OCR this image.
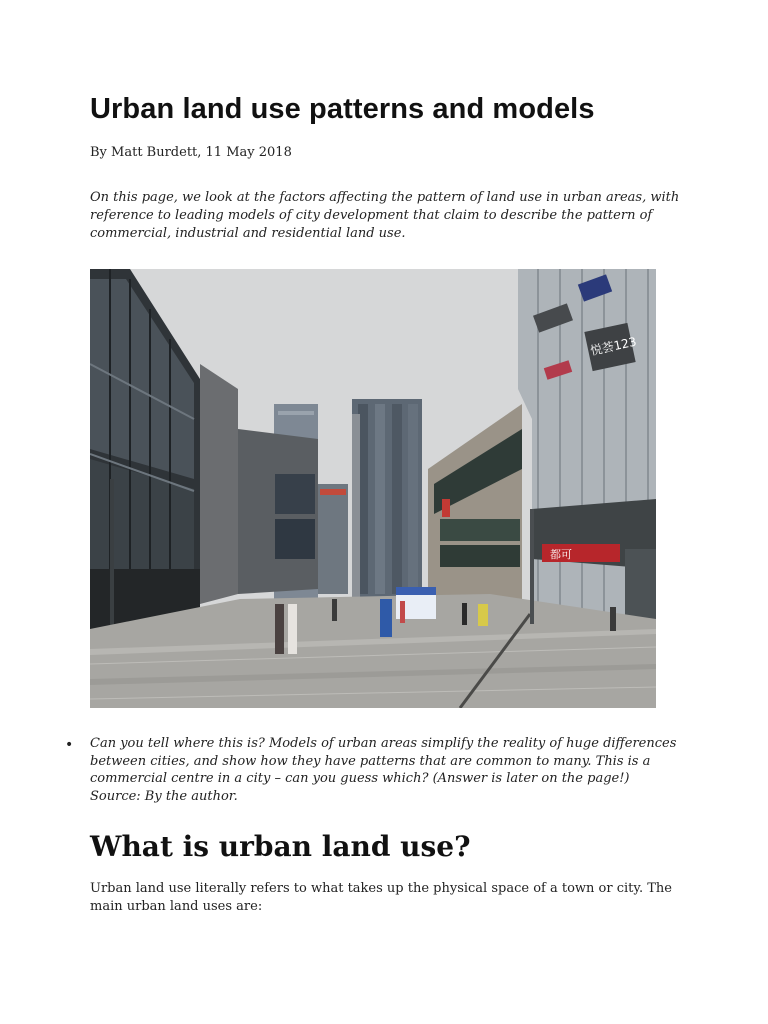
Urban land use patterns and models

By Matt Burdett, 11 May 2018

On this page, we look at the factors affecting the pattern of land use in urban areas, with reference to leading models of city development that claim to describe the pattern of commercial, industrial and residential land use.

都可
悦荟123
• Can you tell where this is? Models of urban areas simplify the reality of huge differences between cities, and show how they have patterns that are common to many. This is a commercial centre in a city – can you guess which? (Answer is later on the page!) Source: By the author.

What is urban land use?

Urban land use literally refers to what takes up the physical space of a town or city. The main urban land uses are:
